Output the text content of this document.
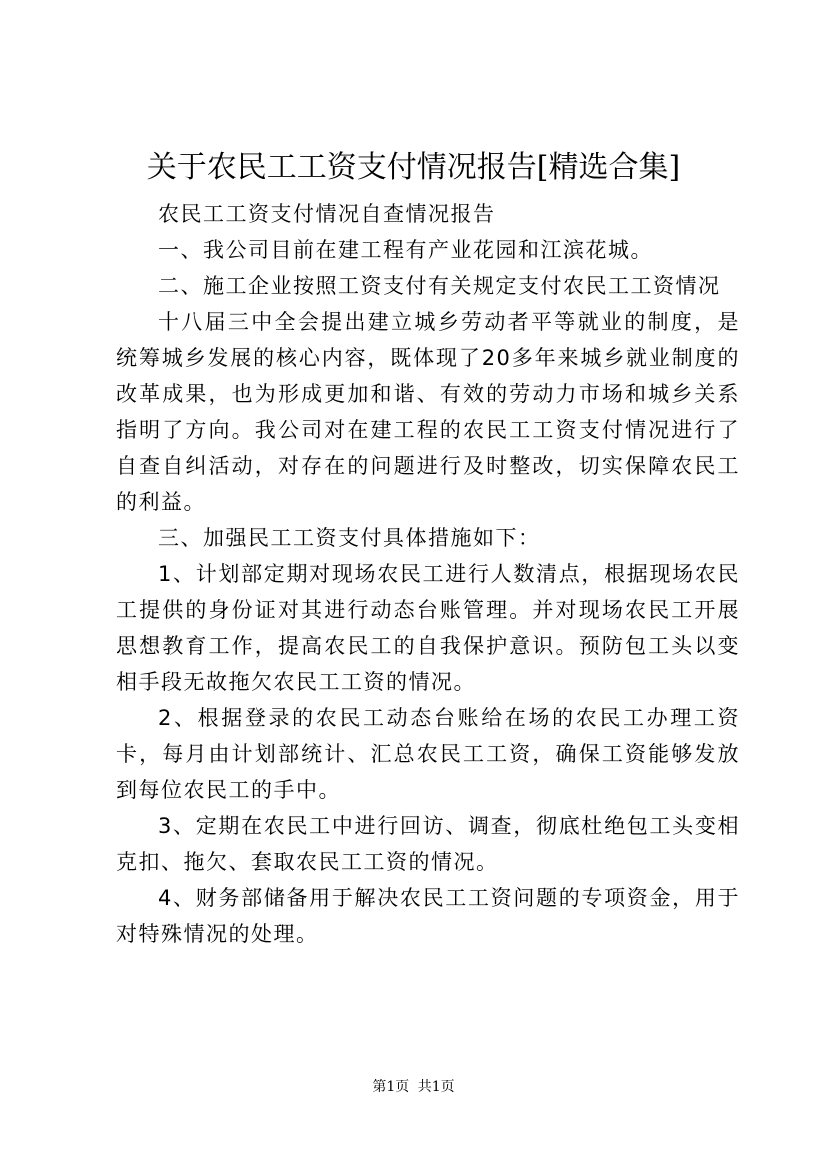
关于农民工工资支付情况报告[精选合集]

农民工工资支付情况自查情况报告

一、我公司目前在建工程有产业花园和江滨花城。

二、施工企业按照工资支付有关规定支付农民工工资情况

十八届三中全会提出建立城乡劳动者平等就业的制度，是统筹城乡发展的核心内容，既体现了20多年来城乡就业制度的改革成果，也为形成更加和谐、有效的劳动力市场和城乡关系指明了方向。我公司对在建工程的农民工工资支付情况进行了自查自纠活动，对存在的问题进行及时整改，切实保障农民工的利益。

三、加强民工工资支付具体措施如下：

1、计划部定期对现场农民工进行人数清点，根据现场农民工提供的身份证对其进行动态台账管理。并对现场农民工开展思想教育工作，提高农民工的自我保护意识。预防包工头以变相手段无故拖欠农民工工资的情况。

2、根据登录的农民工动态台账给在场的农民工办理工资卡，每月由计划部统计、汇总农民工工资，确保工资能够发放到每位农民工的手中。

3、定期在农民工中进行回访、调查，彻底杜绝包工头变相克扣、拖欠、套取农民工工资的情况。

4、财务部储备用于解决农民工工资问题的专项资金，用于对特殊情况的处理。

第1页 共1页
